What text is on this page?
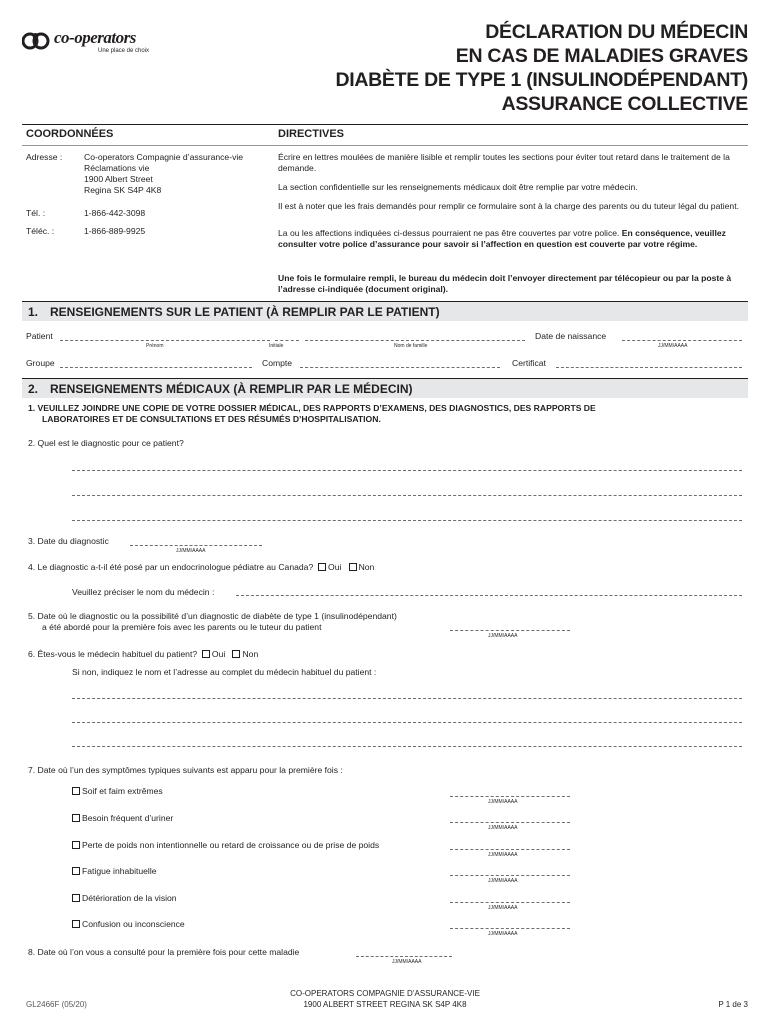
co-operators
Une place de choix
DÉCLARATION DU MÉDECIN
EN CAS DE MALADIES GRAVES
DIABÈTE DE TYPE 1 (INSULINODÉPENDANT)
ASSURANCE COLLECTIVE
COORDONNÉES	DIRECTIVES
Adresse :	Co-operators Compagnie d’assurance-vie
Réclamations vie
1900 Albert Street
Regina SK S4P 4K8
Tél. :	1-866-442-3098
Téléc. :	1-866-889-9925
Écrire en lettres moulées de manière lisible et remplir toutes les sections pour éviter tout retard dans le traitement de la demande.
La section confidentielle sur les renseignements médicaux doit être remplie par votre médecin.
Il est à noter que les frais demandés pour remplir ce formulaire sont à la charge des parents ou du tuteur légal du patient.
La ou les affections indiquées ci-dessus pourraient ne pas être couvertes par votre police. En conséquence, veuillez consulter votre police d’assurance pour savoir si l’affection en question est couverte par votre régime.
Une fois le formulaire rempli, le bureau du médecin doit l’envoyer directement par télécopieur ou par la poste à l’adresse ci-indiquée (document original).
1. RENSEIGNEMENTS SUR LE PATIENT (À REMPLIR PAR LE PATIENT)
Patient
Prénom	Initiale	Nom de famille
Date de naissance
JJ/MM/AAAA
Groupe	Compte	Certificat
2. RENSEIGNEMENTS MÉDICAUX (À REMPLIR PAR LE MÉDECIN)
1. VEUILLEZ JOINDRE UNE COPIE DE VOTRE DOSSIER MÉDICAL, DES RAPPORTS D’EXAMENS, DES DIAGNOSTICS, DES RAPPORTS DE
LABORATOIRES ET DE CONSULTATIONS ET DES RÉSUMÉS D’HOSPITALISATION.
2. Quel est le diagnostic pour ce patient?
3. Date du diagnostic
JJ/MM/AAAA
4. Le diagnostic a-t-il été posé par un endocrinologue pédiatre au Canada? Oui Non
Veuillez préciser le nom du médecin :
5. Date où le diagnostic ou la possibilité d’un diagnostic de diabète de type 1 (insulinodépendant)
a été abordé pour la première fois avec les parents ou le tuteur du patient
JJ/MM/AAAA
6. Êtes-vous le médecin habituel du patient? Oui Non
Si non, indiquez le nom et l’adresse au complet du médecin habituel du patient :
7. Date où l’un des symptômes typiques suivants est apparu pour la première fois :
Soif et faim extrêmes
JJ/MM/AAAA
Besoin fréquent d’uriner
JJ/MM/AAAA
Perte de poids non intentionnelle ou retard de croissance ou de prise de poids
JJ/MM/AAAA
Fatigue inhabituelle
JJ/MM/AAAA
Détérioration de la vision
JJ/MM/AAAA
Confusion ou inconscience
JJ/MM/AAAA
8. Date où l’on vous a consulté pour la première fois pour cette maladie
JJ/MM/AAAA
GL2466F (05/20)
CO-OPERATORS COMPAGNIE D’ASSURANCE-VIE
1900 ALBERT STREET REGINA SK S4P 4K8	P 1 de 3
